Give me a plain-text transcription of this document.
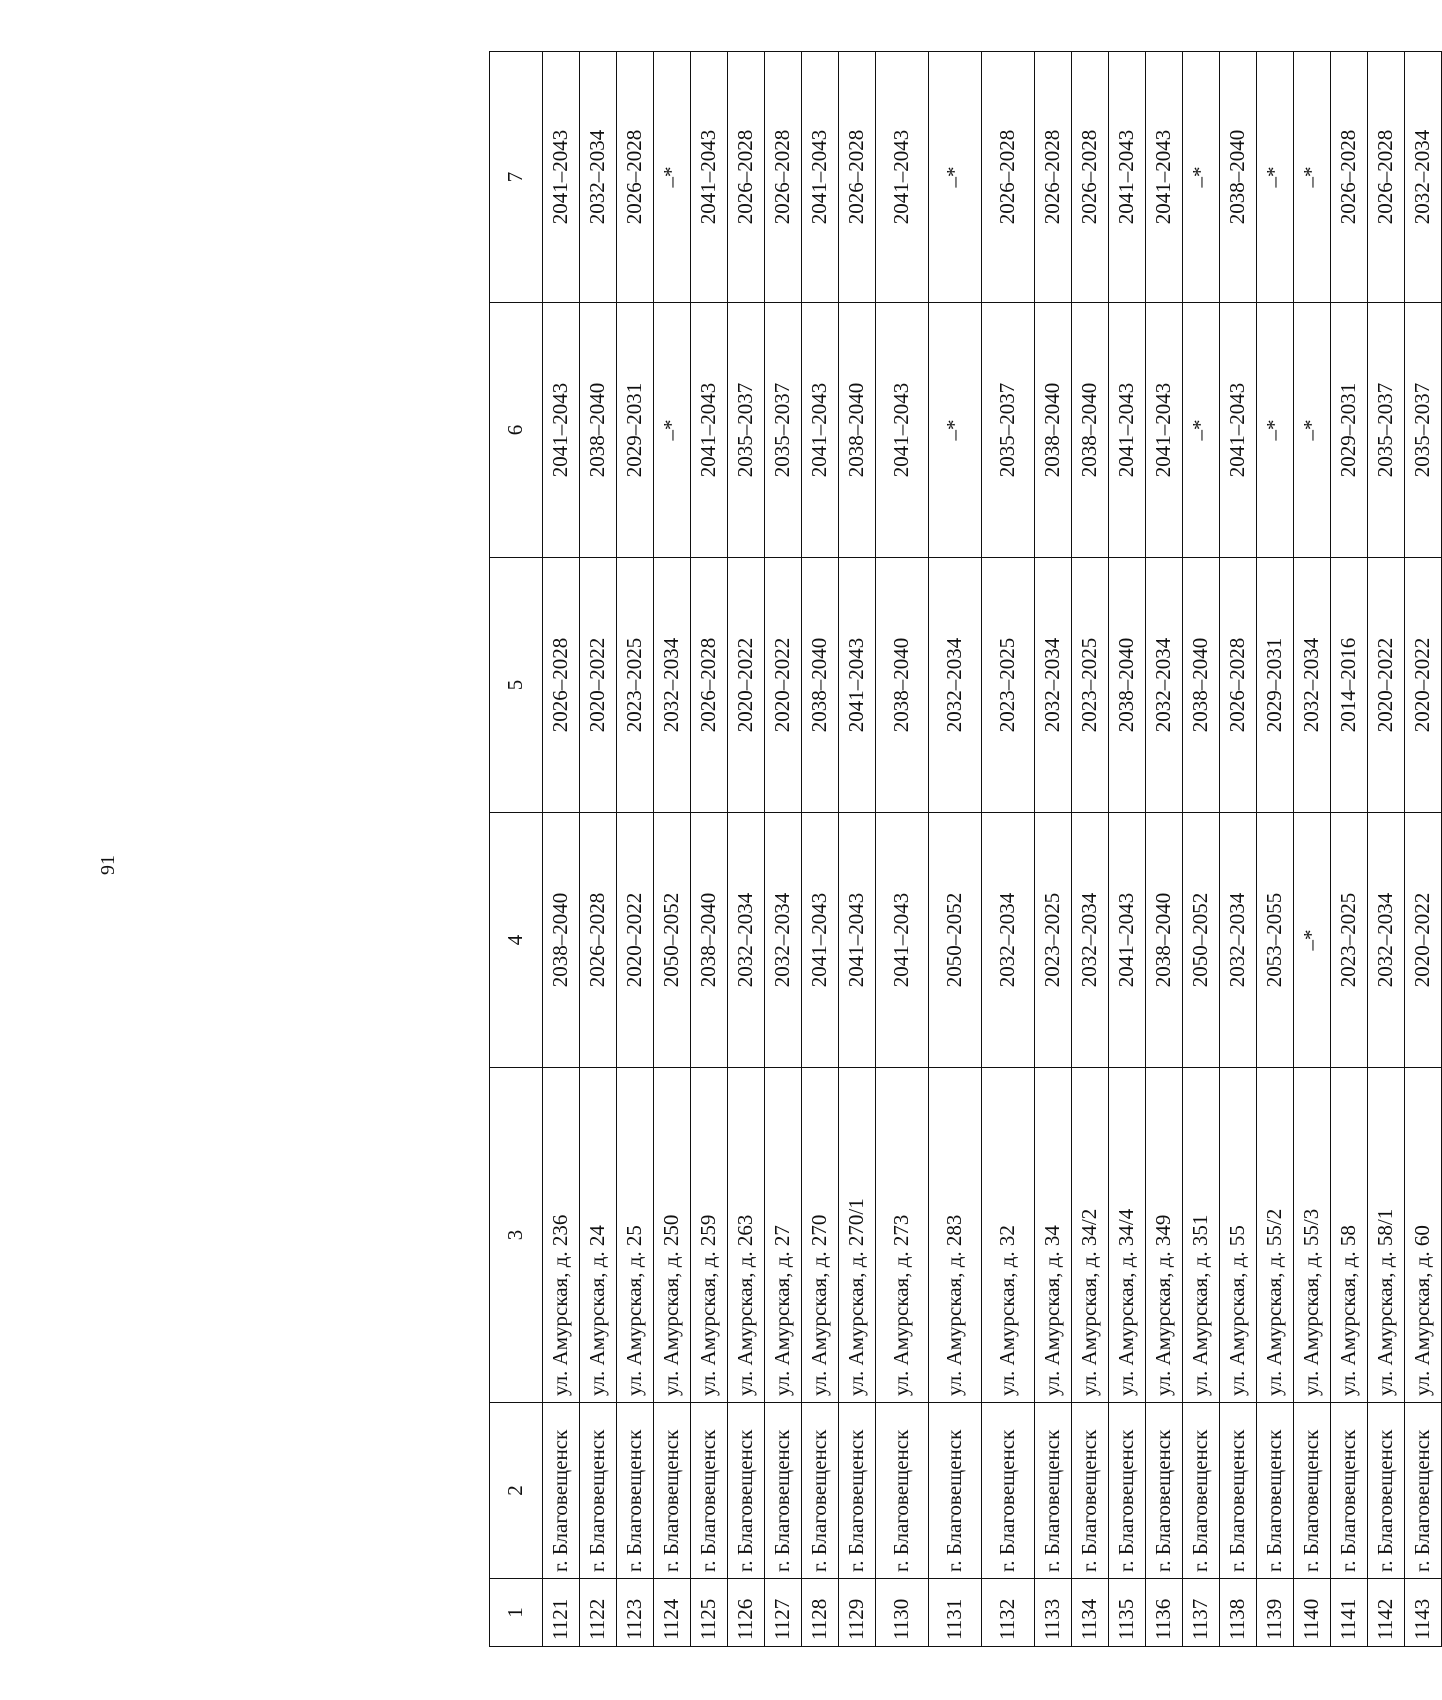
91
1	2	3	4	5	6	7
1121	г. Благовещенск	ул. Амурская, д. 236	2038–2040	2026–2028	2041–2043	2041–2043
1122	г. Благовещенск	ул. Амурская, д. 24	2026–2028	2020–2022	2038–2040	2032–2034
1123	г. Благовещенск	ул. Амурская, д. 25	2020–2022	2023–2025	2029–2031	2026–2028
1124	г. Благовещенск	ул. Амурская, д. 250	2050–2052	2032–2034	–*	–*
1125	г. Благовещенск	ул. Амурская, д. 259	2038–2040	2026–2028	2041–2043	2041–2043
1126	г. Благовещенск	ул. Амурская, д. 263	2032–2034	2020–2022	2035–2037	2026–2028
1127	г. Благовещенск	ул. Амурская, д. 27	2032–2034	2020–2022	2035–2037	2026–2028
1128	г. Благовещенск	ул. Амурская, д. 270	2041–2043	2038–2040	2041–2043	2041–2043
1129	г. Благовещенск	ул. Амурская, д. 270/1	2041–2043	2041–2043	2038–2040	2026–2028
1130	г. Благовещенск	ул. Амурская, д. 273	2041–2043	2038–2040	2041–2043	2041–2043
1131	г. Благовещенск	ул. Амурская, д. 283	2050–2052	2032–2034	–*	–*
1132	г. Благовещенск	ул. Амурская, д. 32	2032–2034	2023–2025	2035–2037	2026–2028
1133	г. Благовещенск	ул. Амурская, д. 34	2023–2025	2032–2034	2038–2040	2026–2028
1134	г. Благовещенск	ул. Амурская, д. 34/2	2032–2034	2023–2025	2038–2040	2026–2028
1135	г. Благовещенск	ул. Амурская, д. 34/4	2041–2043	2038–2040	2041–2043	2041–2043
1136	г. Благовещенск	ул. Амурская, д. 349	2038–2040	2032–2034	2041–2043	2041–2043
1137	г. Благовещенск	ул. Амурская, д. 351	2050–2052	2038–2040	–*	–*
1138	г. Благовещенск	ул. Амурская, д. 55	2032–2034	2026–2028	2041–2043	2038–2040
1139	г. Благовещенск	ул. Амурская, д. 55/2	2053–2055	2029–2031	–*	–*
1140	г. Благовещенск	ул. Амурская, д. 55/3	–*	2032–2034	–*	–*
1141	г. Благовещенск	ул. Амурская, д. 58	2023–2025	2014–2016	2029–2031	2026–2028
1142	г. Благовещенск	ул. Амурская, д. 58/1	2032–2034	2020–2022	2035–2037	2026–2028
1143	г. Благовещенск	ул. Амурская, д. 60	2020–2022	2020–2022	2035–2037	2032–2034
